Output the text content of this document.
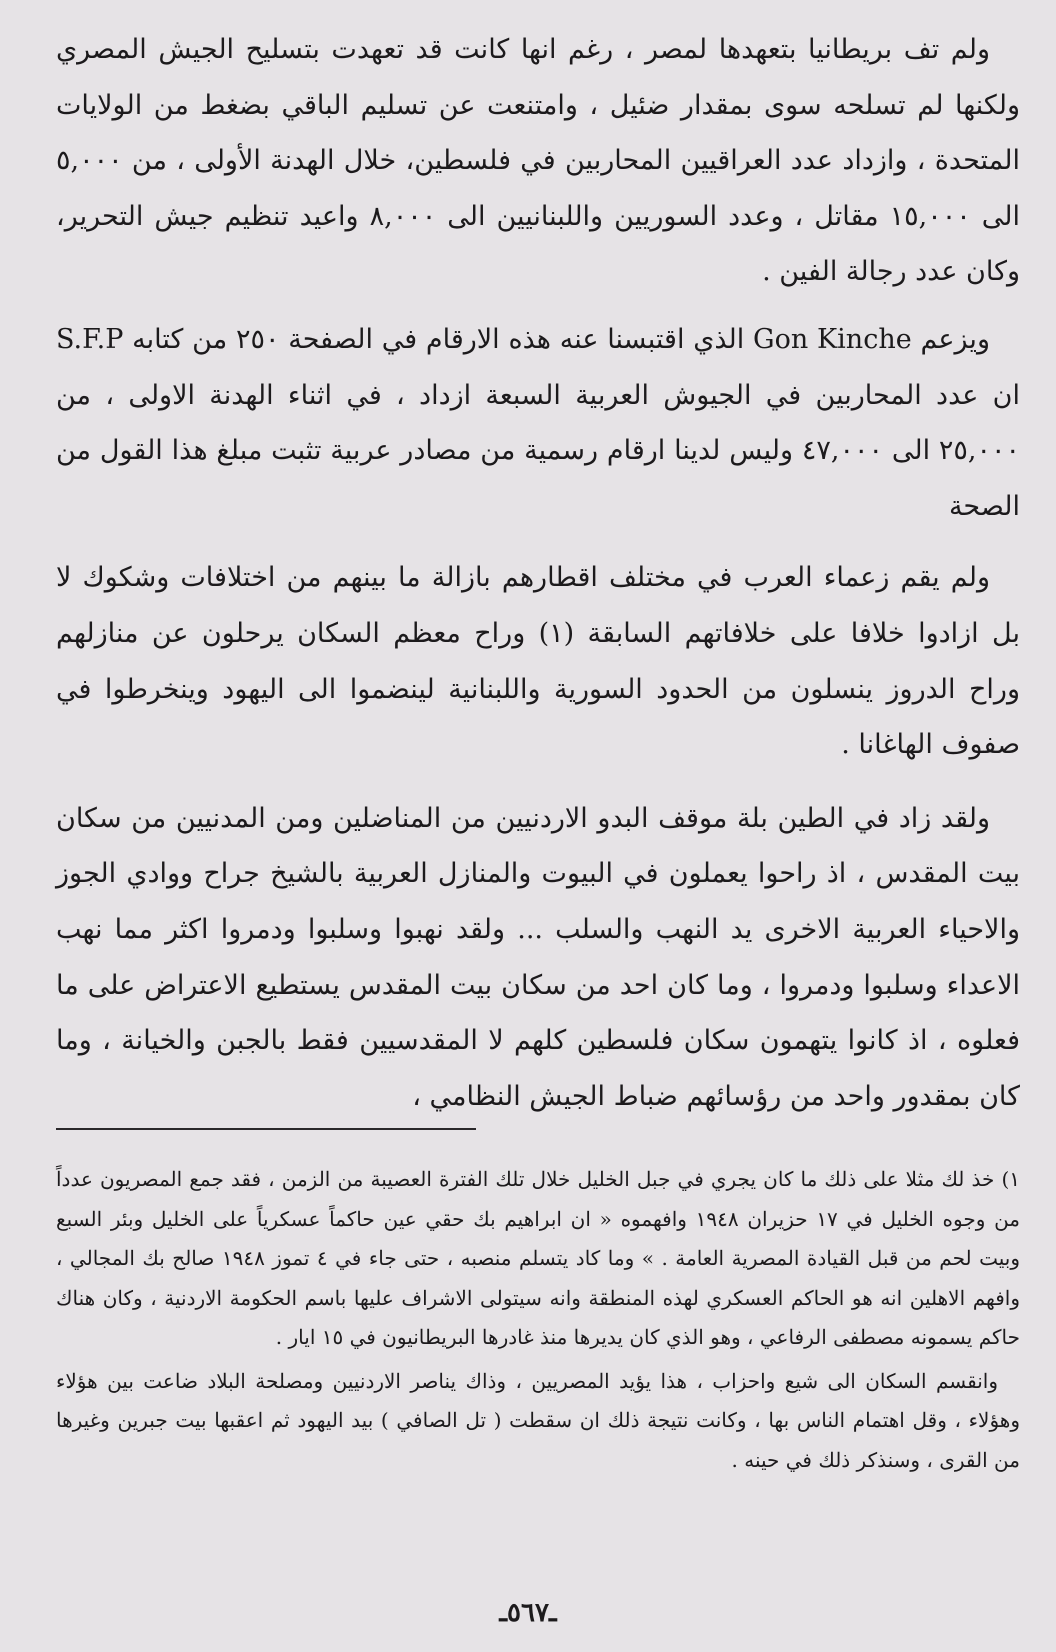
ولم تف بريطانيا بتعهدها لمصر ، رغم انها كانت قد تعهدت بتسليح الجيش المصري ولكنها لم تسلحه سوى بمقدار ضئيل ، وامتنعت عن تسليم الباقي بضغط من الولايات المتحدة ، وازداد عدد العراقيين المحاربين في فلسطين، خلال الهدنة الأولى ، من ٥,٠٠٠ الى ١٥,٠٠٠ مقاتل ، وعدد السوريين واللبنانيين الى ٨,٠٠٠ واعيد تنظيم جيش التحرير، وكان عدد رجالة الفين .

ويزعم Gon Kinche الذي اقتبسنا عنه هذه الارقام في الصفحة ٢٥٠ من كتابه S.F.P ان عدد المحاربين في الجيوش العربية السبعة ازداد ، في اثناء الهدنة الاولى ، من ٢٥,٠٠٠ الى ٤٧,٠٠٠ وليس لدينا ارقام رسمية من مصادر عربية تثبت مبلغ هذا القول من الصحة

ولم يقم زعماء العرب في مختلف اقطارهم بازالة ما بينهم من اختلافات وشكوك لا بل ازادوا خلافا على خلافاتهم السابقة (١) وراح معظم السكان يرحلون عن منازلهم وراح الدروز ينسلون من الحدود السورية واللبنانية لينضموا الى اليهود وينخرطوا في صفوف الهاغانا .

ولقد زاد في الطين بلة موقف البدو الاردنيين من المناضلين ومن المدنيين من سكان بيت المقدس ، اذ راحوا يعملون في البيوت والمنازل العربية بالشيخ جراح ووادي الجوز والاحياء العربية الاخرى يد النهب والسلب ... ولقد نهبوا وسلبوا ودمروا اكثر مما نهب الاعداء وسلبوا ودمروا ، وما كان احد من سكان بيت المقدس يستطيع الاعتراض على ما فعلوه ، اذ كانوا يتهمون سكان فلسطين كلهم لا المقدسيين فقط بالجبن والخيانة ، وما كان بمقدور واحد من رؤسائهم ضباط الجيش النظامي ،

١) خذ لك مثلا على ذلك ما كان يجري في جبل الخليل خلال تلك الفترة العصيبة من الزمن ، فقد جمع المصريون عدداً من وجوه الخليل في ١٧ حزيران ١٩٤٨ وافهموه « ان ابراهيم بك حقي عين حاكماً عسكرياً على الخليل وبئر السبع وبيت لحم من قبل القيادة المصرية العامة . » وما كاد يتسلم منصبه ، حتى جاء في ٤ تموز ١٩٤٨ صالح بك المجالي ، وافهم الاهلين انه هو الحاكم العسكري لهذه المنطقة وانه سيتولى الاشراف عليها باسم الحكومة الاردنية ، وكان هناك حاكم يسمونه مصطفى الرفاعي ، وهو الذي كان يديرها منذ غادرها البريطانيون في ١٥ ايار .

وانقسم السكان الى شيع واحزاب ، هذا يؤيد المصريين ، وذاك يناصر الاردنيين ومصلحة البلاد ضاعت بين هؤلاء وهؤلاء ، وقل اهتمام الناس بها ، وكانت نتيجة ذلك ان سقطت ( تل الصافي ) بيد اليهود ثم اعقبها بيت جبرين وغيرها من القرى ، وسنذكر ذلك في حينه .

ـ٥٦٧ـ
